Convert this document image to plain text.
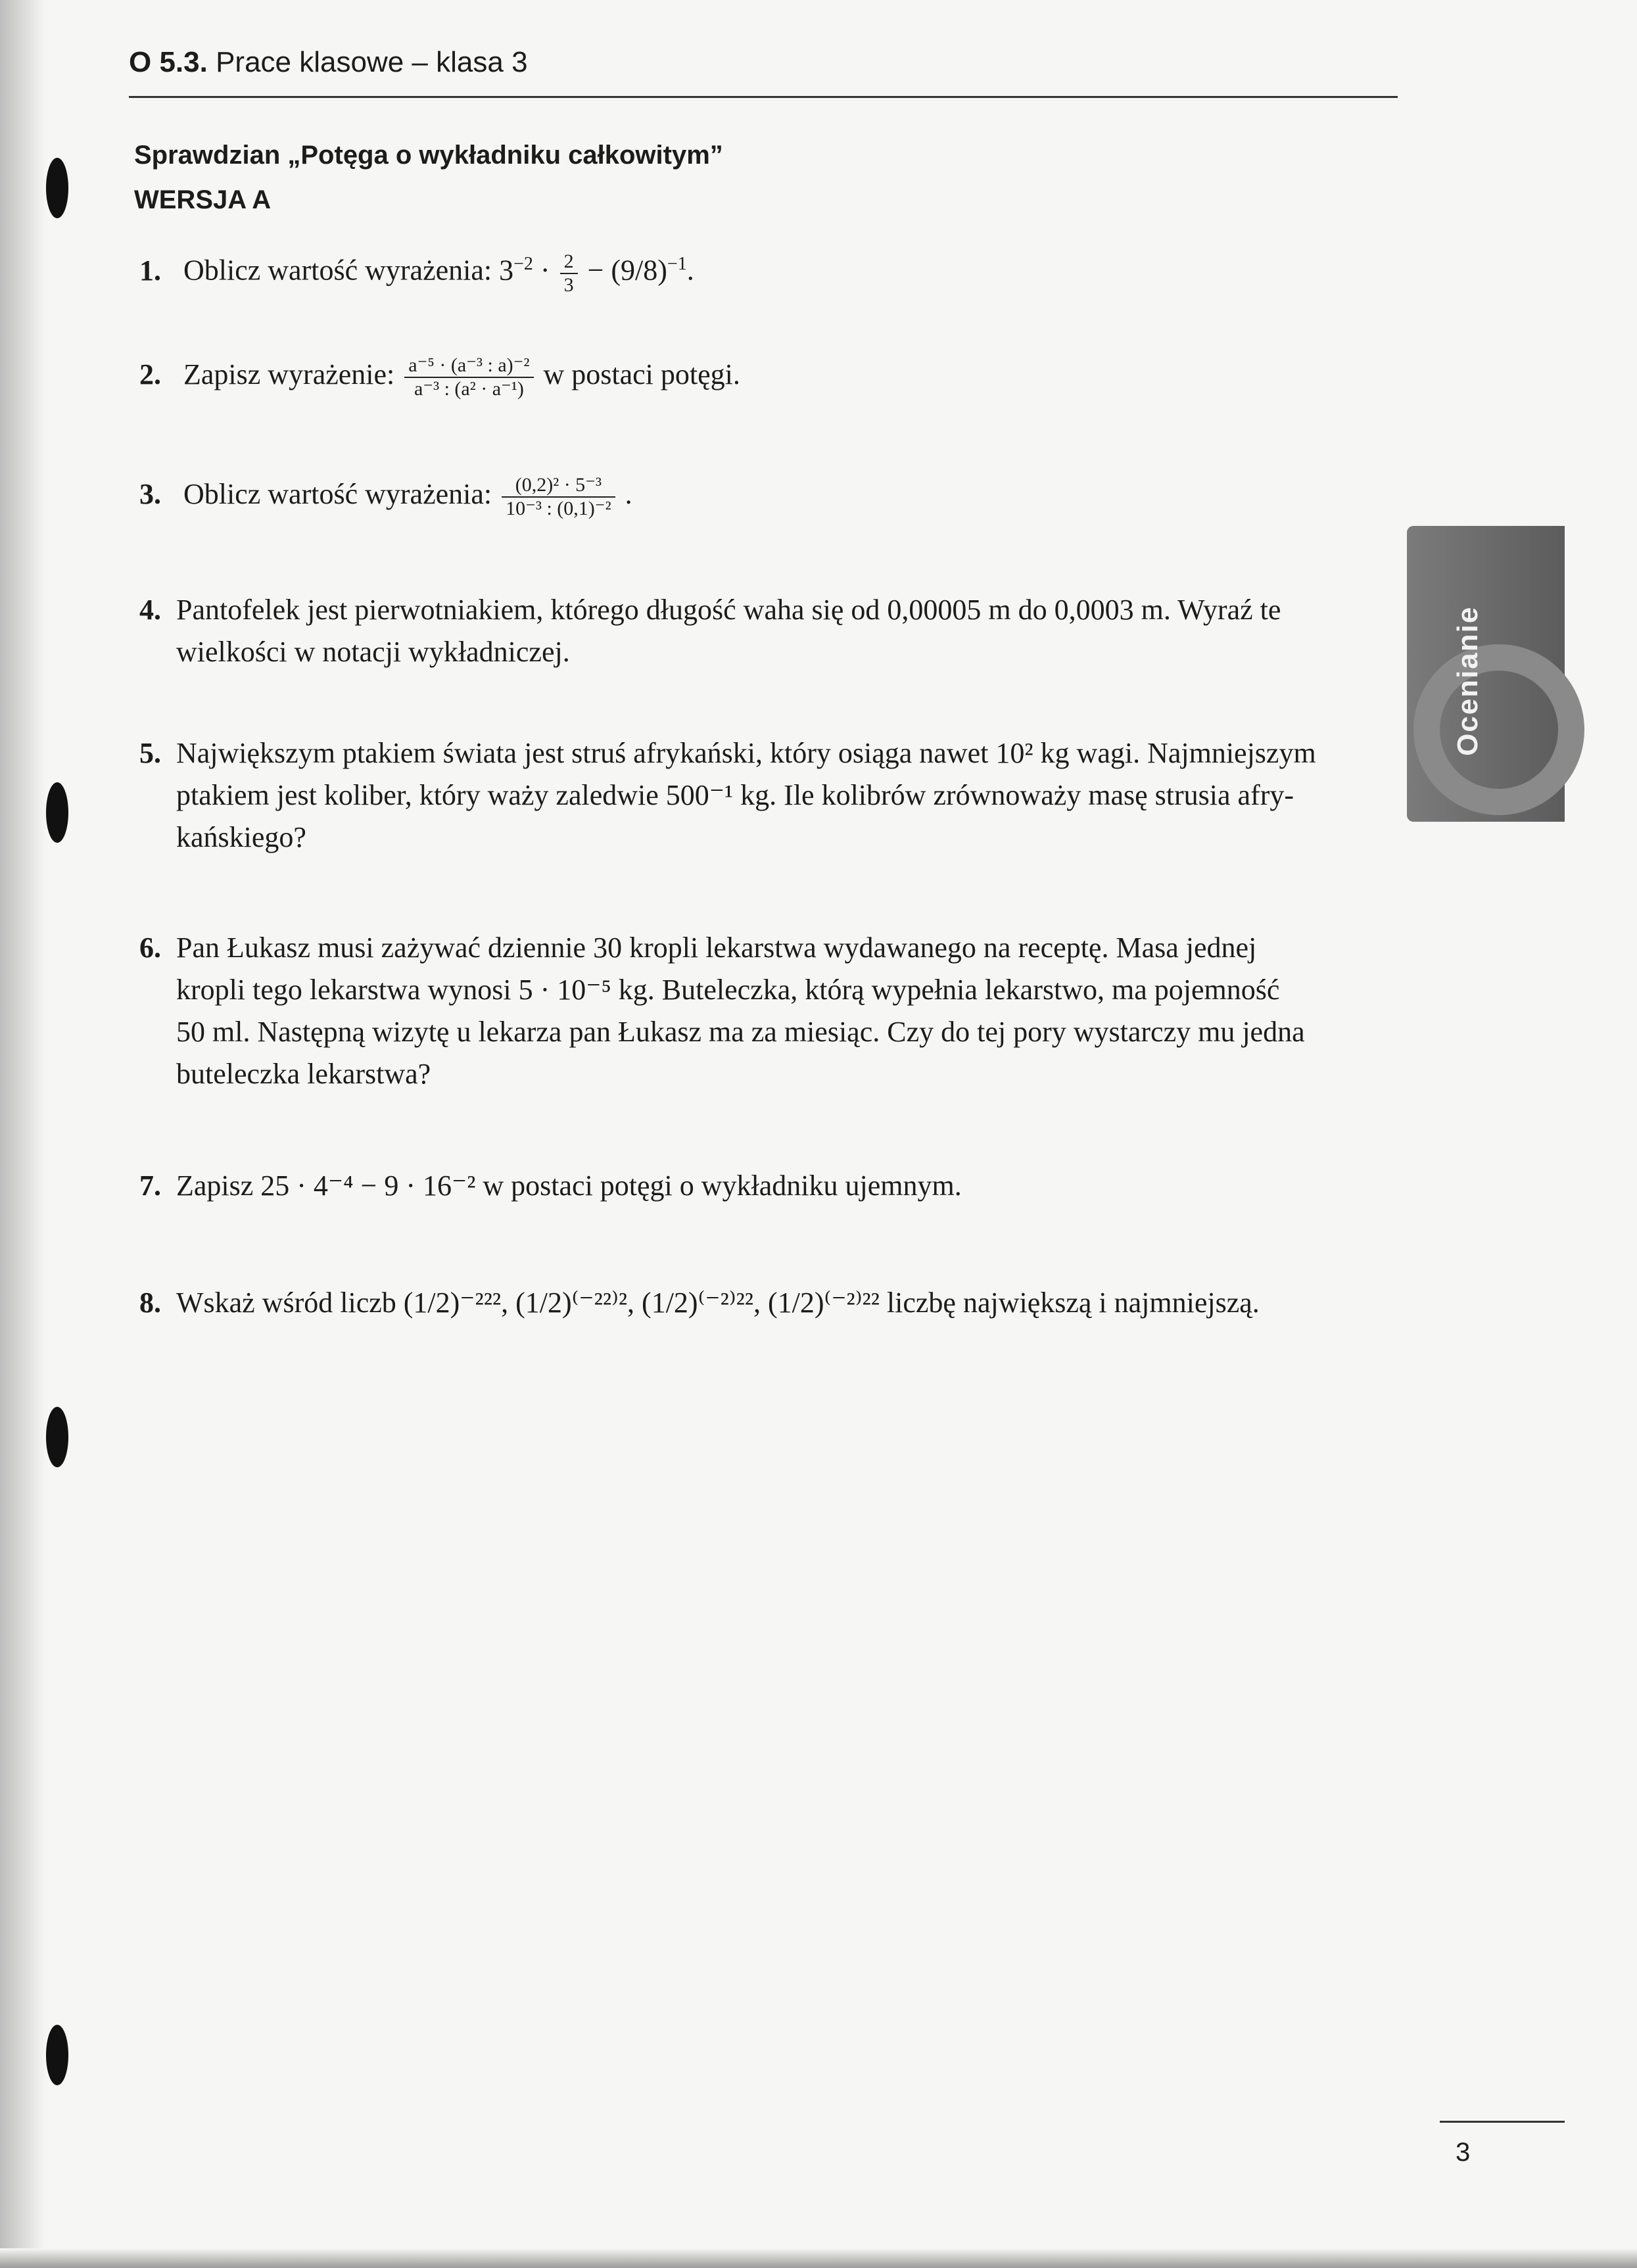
O 5.3. Prace klasowe – klasa 3
Sprawdzian „Potęga o wykładniku całkowitym”
WERSJA A
1. Oblicz wartość wyrażenia: $3^{-2} \cdot \frac{2}{3} - (9/8)^{-1}$.
2. Zapisz wyrażenie: $\frac{\text{a⁻⁵ · (a⁻³ : a)⁻²}}{\text{a⁻³ : (a² · a⁻¹)}}$ w postaci potęgi.
3. Oblicz wartość wyrażenia: $\frac{\text{(0,2)² · 5⁻³}}{\text{10⁻³ : (0,1)⁻²}}$ .
4. Pantofelek jest pierwotniakiem, którego długość waha się od 0,00005 m do 0,0003 m. Wyraź te
wielkości w notacji wykładniczej.
5. Największym ptakiem świata jest struś afrykański, który osiąga nawet 10² kg wagi. Najmniejszym
ptakiem jest koliber, który waży zaledwie 500⁻¹ kg. Ile kolibrów zrównoważy masę strusia afry-
kańskiego?
6. Pan Łukasz musi zażywać dziennie 30 kropli lekarstwa wydawanego na receptę. Masa jednej
kropli tego lekarstwa wynosi 5 · 10⁻⁵ kg. Buteleczka, którą wypełnia lekarstwo, ma pojemność
50 ml. Następną wizytę u lekarza pan Łukasz ma za miesiąc. Czy do tej pory wystarczy mu jedna
buteleczka lekarstwa?
7. Zapisz 25 · 4⁻⁴ − 9 · 16⁻² w postaci potęgi o wykładniku ujemnym.
8. Wskaż wśród liczb (1/2)⁻²²², (1/2)⁽⁻²²⁾², (1/2)⁽⁻²⁾²², (1/2)⁽⁻²⁾²² liczbę największą i najmniejszą.
Ocenianie
3
